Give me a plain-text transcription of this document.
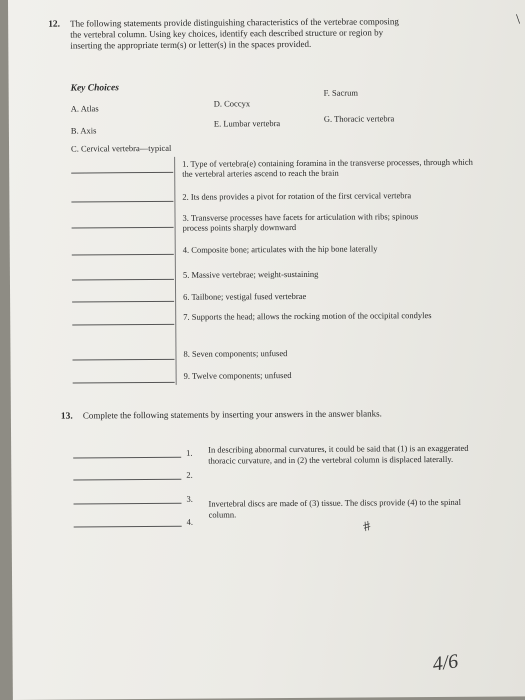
\
12. The following statements provide distinguishing characteristics of the vertebrae composing the vertebral column. Using key choices, identify each described structure or region by inserting the appropriate term(s) or letter(s) in the spaces provided.
Key Choices
A. Atlas
B. Axis
C. Cervical vertebra—typical
D. Coccyx
E. Lumbar vertebra
F. Sacrum
G. Thoracic vertebra
1. Type of vertebra(e) containing foramina in the transverse processes, through which the vertebral arteries ascend to reach the brain
2. Its dens provides a pivot for rotation of the first cervical vertebra
3. Transverse processes have facets for articulation with ribs; spinous process points sharply downward
4. Composite bone; articulates with the hip bone laterally
5. Massive vertebrae; weight-sustaining
6. Tailbone; vestigal fused vertebrae
7. Supports the head; allows the rocking motion of the occipital condyles
8. Seven components; unfused
9. Twelve components; unfused
13. Complete the following statements by inserting your answers in the answer blanks.
1.
2.
3.
4.
In describing abnormal curvatures, it could be said that (1) is an exaggerated thoracic curvature, and in (2) the vertebral column is displaced laterally.
Invertebral discs are made of (3) tissue. The discs provide (4) to the spinal column.
#
4/6
